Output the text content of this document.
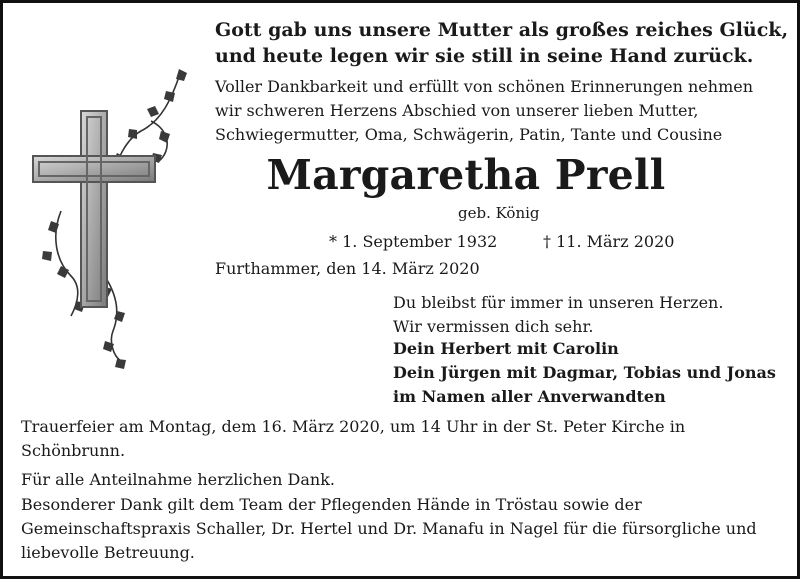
Gott gab uns unsere Mutter als großes reiches Glück,
und heute legen wir sie still in seine Hand zurück.
Voller Dankbarkeit und erfüllt von schönen Erinnerungen nehmen
wir schweren Herzens Abschied von unserer lieben Mutter,
Schwiegermutter, Oma, Schwägerin, Patin, Tante und Cousine
Margaretha Prell
geb. König
* 1. September 1932	† 11. März 2020
Furthammer, den 14. März 2020
Du bleibst für immer in unseren Herzen.
Wir vermissen dich sehr.
Dein Herbert mit Carolin
Dein Jürgen mit Dagmar, Tobias und Jonas
im Namen aller Anverwandten
Trauerfeier am Montag, dem 16. März 2020, um 14 Uhr in der St. Peter Kirche in
Schönbrunn.
Für alle Anteilnahme herzlichen Dank.
Besonderer Dank gilt dem Team der Pflegenden Hände in Tröstau sowie der
Gemeinschaftspraxis Schaller, Dr. Hertel und Dr. Manafu in Nagel für die fürsorgliche und
liebevolle Betreuung.
